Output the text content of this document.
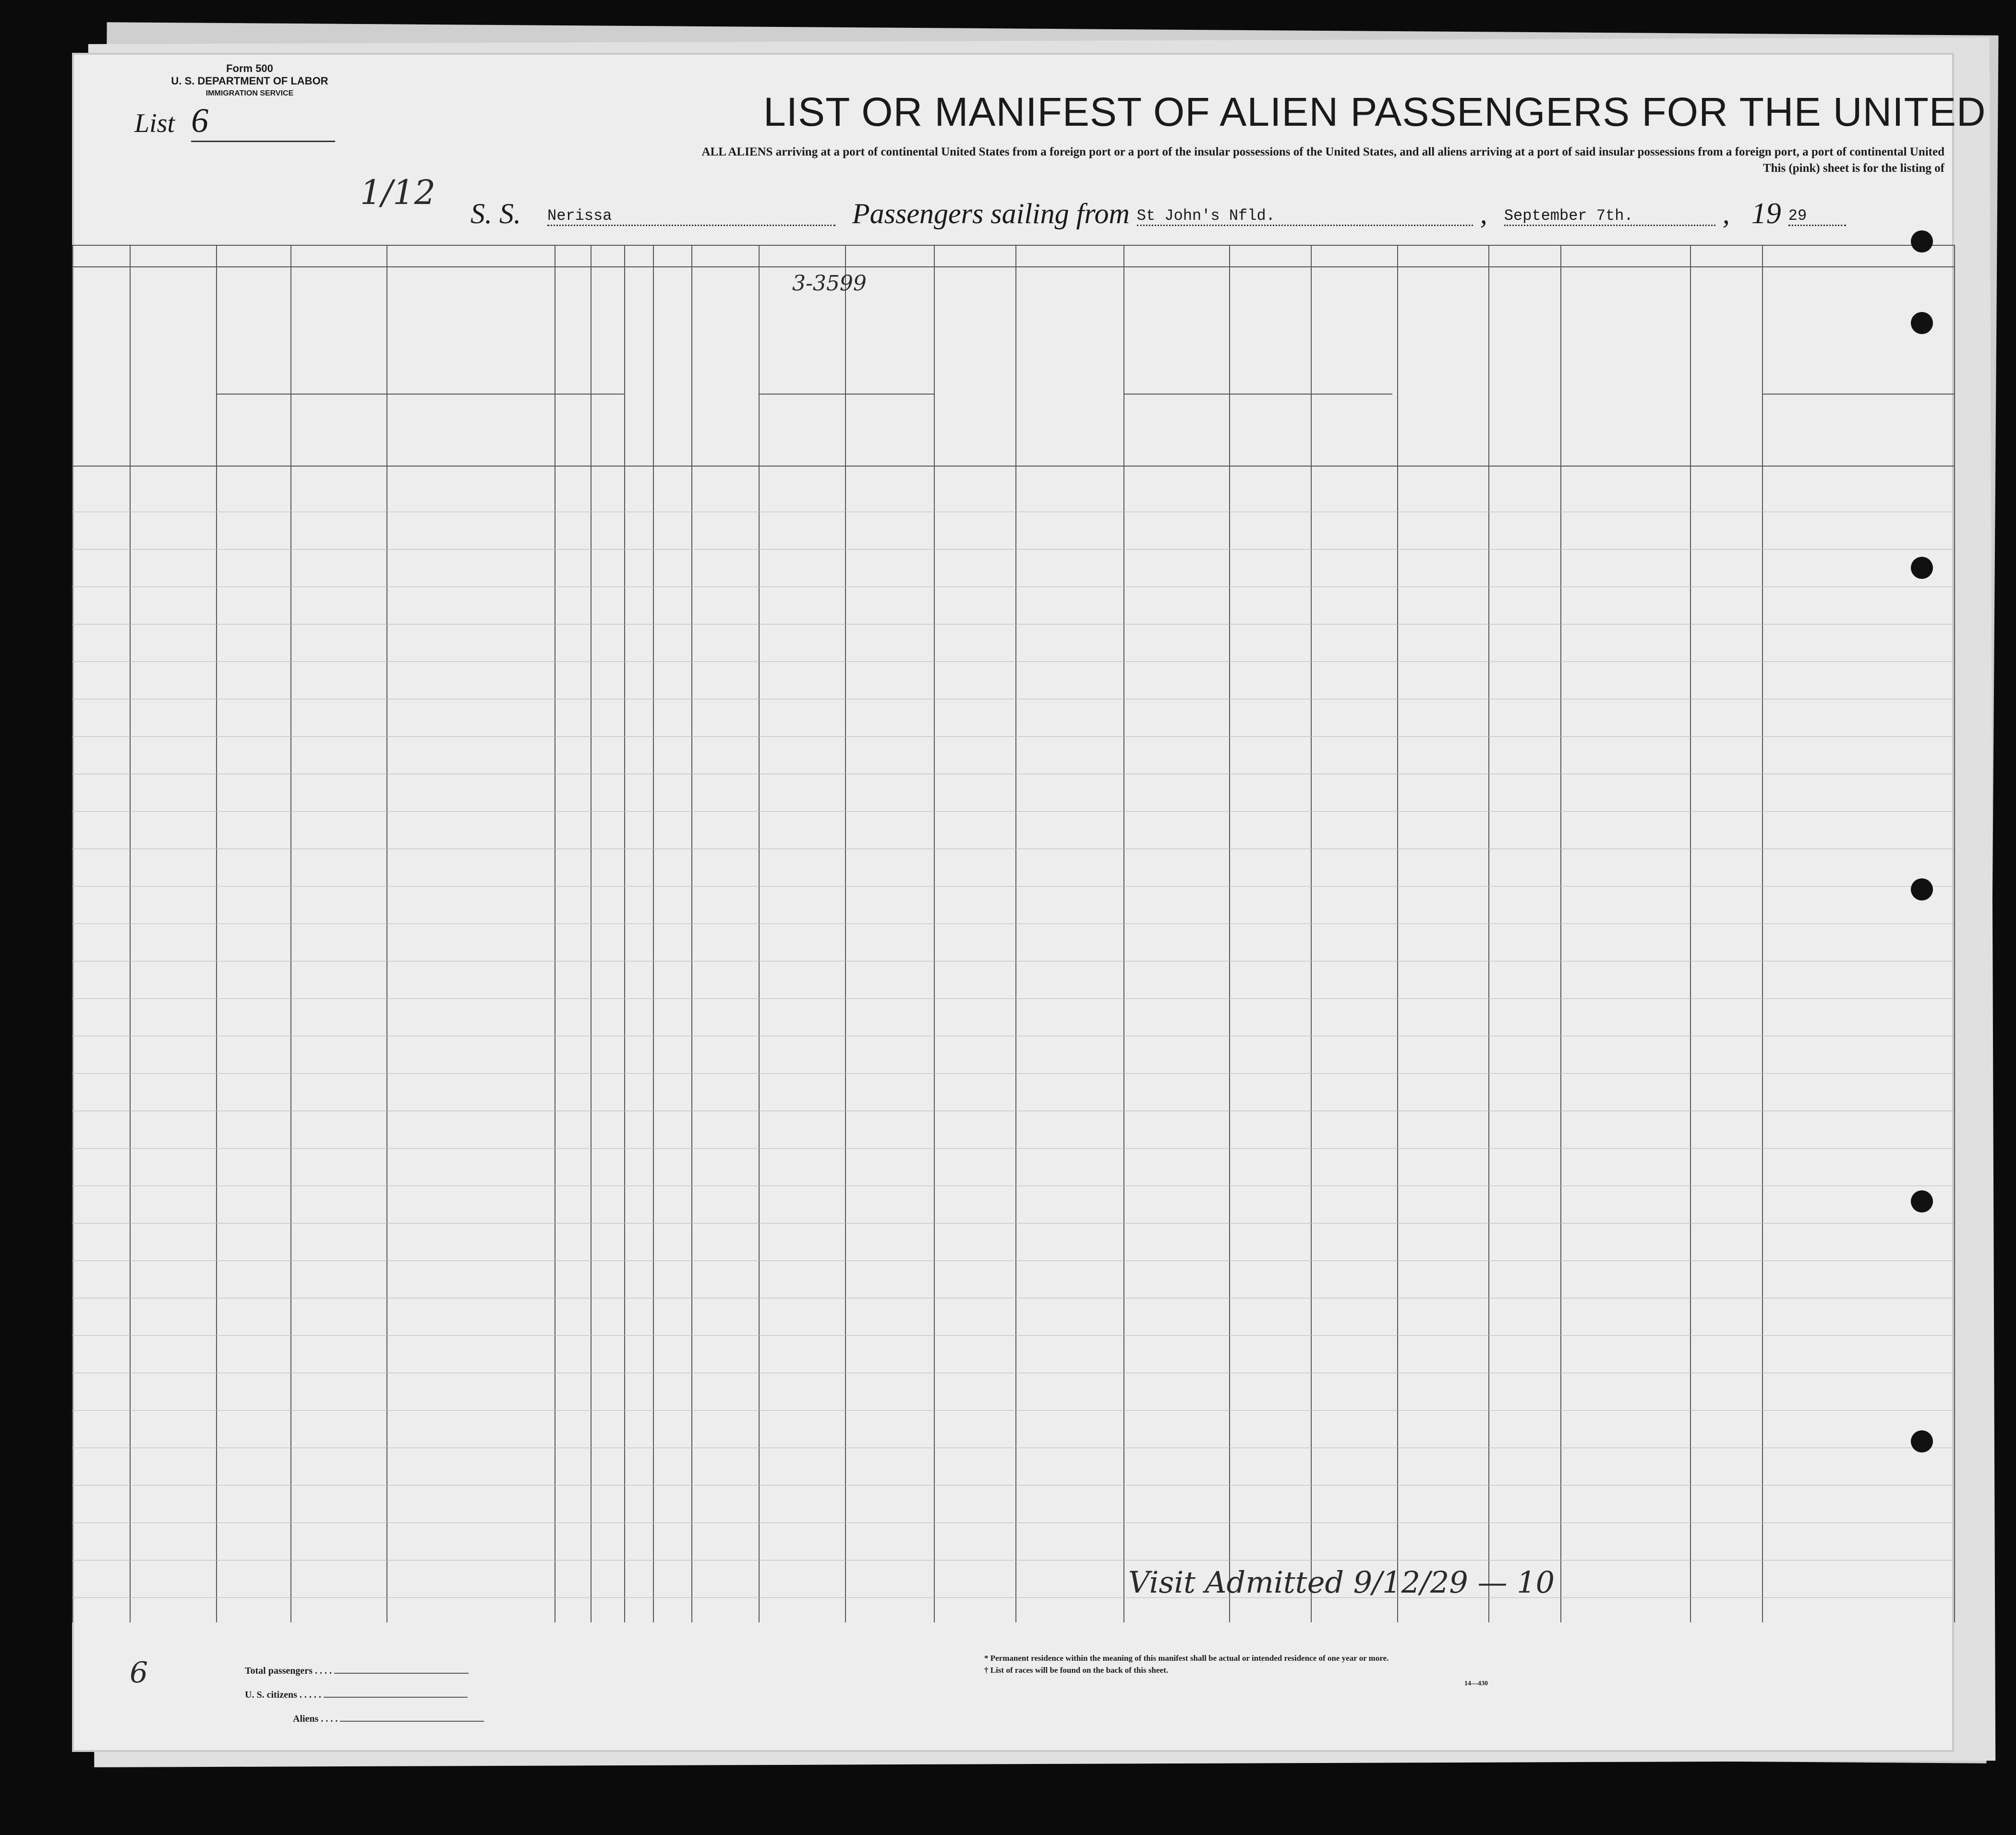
Form 500
U. S. DEPARTMENT OF LABOR
IMMIGRATION SERVICE
List 6	LIST OR MANIFEST OF ALIEN PASSENGERS FOR THE UNITED
ALL ALIENS arriving at a port of continental United States from a foreign port or a port of the insular possessions of the United States, and all aliens arriving at a port of said insular possessions from a foreign port, a port of continental United
This (pink) sheet is for the listing of
1/12
S. S. Nerissa	Passengers sailing from St John's Nfld.	, September 7th.	, 19 29
Visit Admitted 9/12/29 — 10
6
3-3599
Total passengers . . . .
U. S. citizens . . . . .
Aliens . . . .
* Permanent residence within the meaning of this manifest shall be actual or intended residence of one year or more.
† List of races will be found on the back of this sheet.
14—430
